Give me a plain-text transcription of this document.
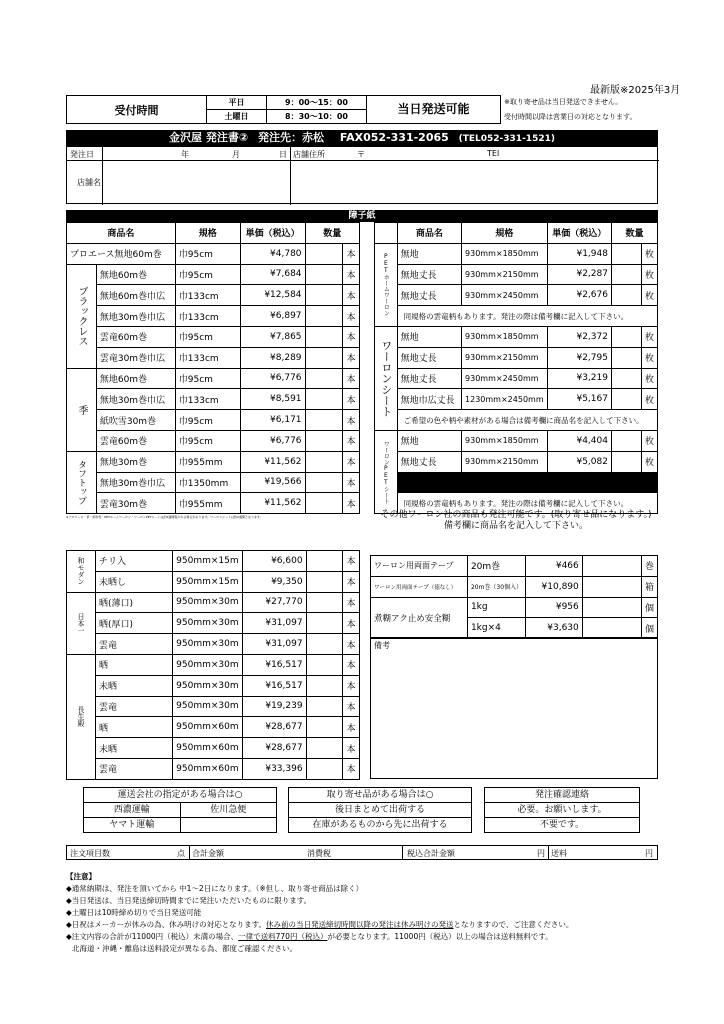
最新版※2025年3月
受付時間	平日	9：00～15：00
	土曜日	8：30～10：00
当日発送可能	※取り寄せ品は当日発送できません。
受付時間以降は営業日の対応となります。
金沢屋 発注書② 発注先：赤松 FAX052-331-2065 (TEL052-331-1521)
発注日	年	月	日 店舗住所	〒	TEl
店舗名
障子紙
商品名		規格	単価（税込）	数量	
プロエース無地60m巻		巾95cm	¥4,780		本
ブラックレス	無地60m巻	巾95cm	¥7,684		本
	無地60m巻巾広	巾133cm	¥12,584		本
	無地30m巻巾広	巾133cm	¥6,897		本
	雲竜60m巻	巾95cm	¥7,865		本
	雲竜30m巻巾広	巾133cm	¥8,289		本
季	無地60m巻	巾95cm	¥6,776		本
	無地30m巻巾広	巾133cm	¥8,591		本
	紙吹雪30m巻	巾95cm	¥6,171		本
	雲竜60m巻	巾95cm	¥6,776		本
タフトップ	無地30m巻	巾955mm	¥11,562		本
	無地30m巻巾広	巾1350mm	¥19,566		本
	雲竜30m巻	巾955mm	¥11,562		本
※プロエース・季・紙吹雪・PETホームワーロン・ワーロンPETシートは約2週間程かかる場合があります。ワーロンシートは約2週間となります。
	商品名	規格	単価（税込）	数量	
PETホームワーロン	無地	930mm×1850mm	¥1,948		枚
	無地丈長	930mm×2150mm	¥2,287		枚
	無地丈長	930mm×2450mm	¥2,676		枚
	同規格の雲竜柄もあります。発注の際は備考欄に記入して下さい。				
ワーロンシート	無地	930mm×1850mm	¥2,372		枚
	無地丈長	930mm×2150mm	¥2,795		枚
	無地丈長	930mm×2450mm	¥3,219		枚
	無地巾広丈長	1230mm×2450mm	¥5,167		枚
	ご希望の色や柄や素材がある場合は備考欄に商品名を記入して下さい。				
ワーロンPETシート	無地	930mm×1850mm	¥4,404		枚
	無地丈長	930mm×2150mm	¥5,082		枚

	同規格の雲竜柄もあります。発注の際は備考欄に記入して下さい。				
その他ワーロン社の商品も発注可能です。(取り寄せ品になります。)
備考欄に商品名を記入して下さい。
和モダン	チリ入	950mm×15m	¥6,600		本
	未晒し	950mm×15m	¥9,350		本
日本一	晒(薄口)	950mm×30m	¥27,770		本
	晒(厚口)	950mm×30m	¥31,097		本
	雲竜	950mm×30m	¥31,097		本
長生殿	晒	950mm×30m	¥16,517		本
	未晒	950mm×30m	¥16,517		本
	雲竜	950mm×30m	¥19,239		本
	晒	950mm×60m	¥28,677		本
	未晒	950mm×60m	¥28,677		本
	雲竜	950mm×60m	¥33,396		本
ワーロン用両面テープ	20m巻	¥466		巻
ワーロン用両面テープ（徳なし）	20m巻（30個入）	¥10,890		箱
煮糊アク止め安全糊	1kg	¥956		個
	1kg×4	¥3,630		個
備考
運送会社の指定がある場合は○
西濃運輸	佐川急便
ヤマト運輸
取り寄せ品がある場合は○
後日まとめて出荷する
在庫があるものから先に出荷する
発注確認連絡
必要。お願いします。
不要です。
注文項目数	点 合計金額	消費税	税込合計金額	円 送料	円
【注意】
◆通常納期は、発注を頂いてから 中1～2日になります。（※但し、取り寄せ商品は除く）
◆当日発送は、当日発送締切時間までに発注いただいたものに限ります。
◆土曜日は10時締め切りで当日発送可能
◆日祝はメーカーが休みの為、休み明けの対応となります。休み前の当日発送締切時間以降の発注は休み明けの発送となりますので、ご注意ください。
◆注文内容の合計が11000円（税込）未満の場合、一律で送料770円（税込）が必要となります。11000円（税込）以上の場合は送料無料です。
北海道・沖縄・離島は送料設定が異なる為、都度ご確認ください。
